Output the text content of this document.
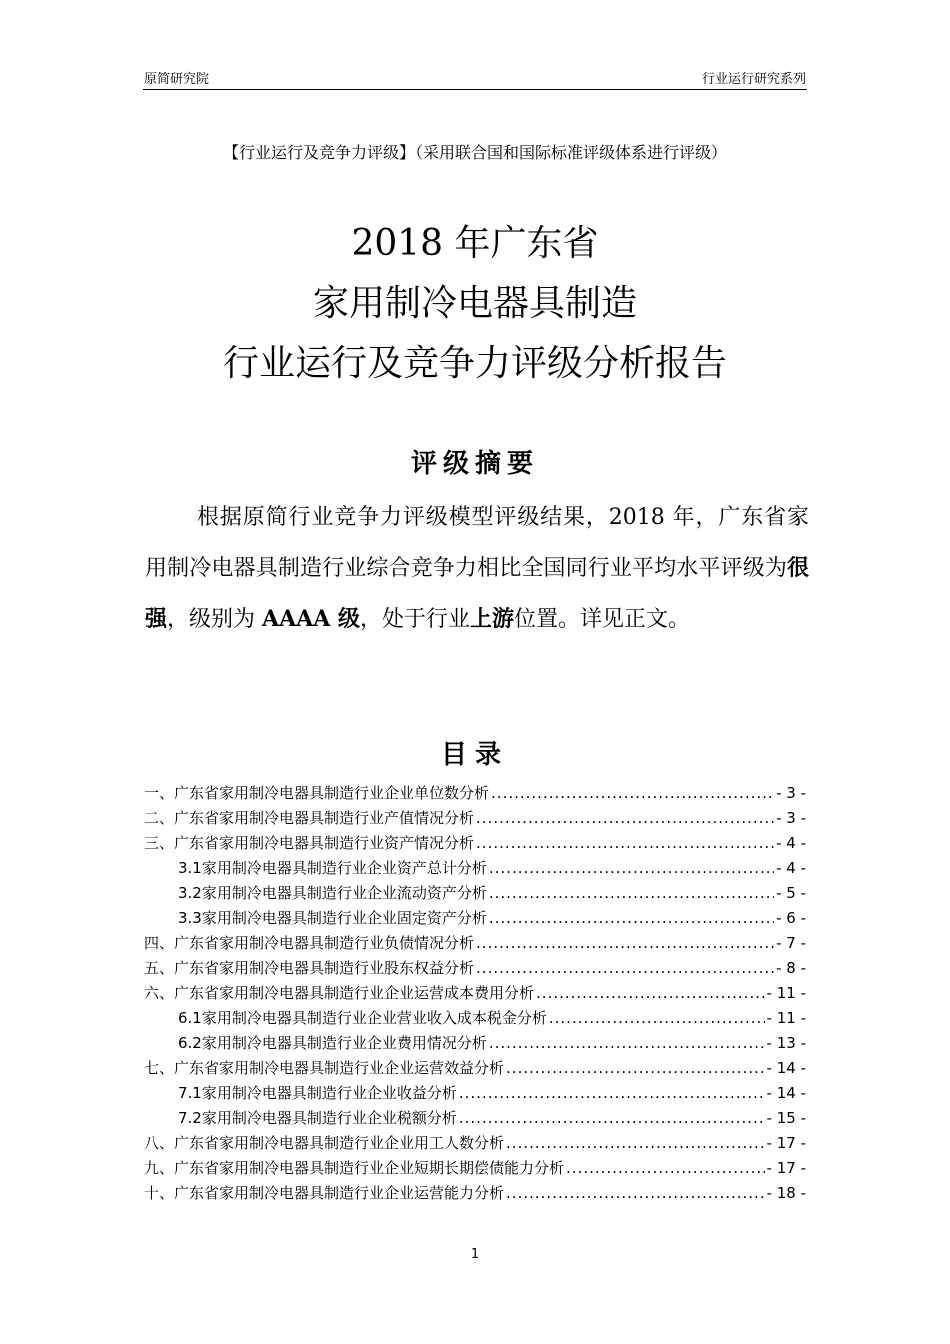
原简研究院	行业运行研究系列
【行业运行及竞争力评级】（采用联合国和国际标准评级体系进行评级）
2018 年广东省
家用制冷电器具制造
行业运行及竞争力评级分析报告
评级摘要
根据原简行业竞争力评级模型评级结果，2018 年，广东省家用制冷电器具制造行业综合竞争力相比全国同行业平均水平评级为很强，级别为 AAAA 级，处于行业上游位置。详见正文。
目录
一、 广东省家用制冷电器具制造行业企业单位数分析 .....	- 3 -
二、 广东省家用制冷电器具制造行业产值情况分析 .....	- 3 -
三、 广东省家用制冷电器具制造行业资产情况分析 .....	- 4 -
3.1 家用制冷电器具制造行业企业资产总计分析 .....	- 4 -
3.2 家用制冷电器具制造行业企业流动资产分析 .....	- 5 -
3.3 家用制冷电器具制造行业企业固定资产分析 .....	- 6 -
四、 广东省家用制冷电器具制造行业负债情况分析 .....	- 7 -
五、 广东省家用制冷电器具制造行业股东权益分析 .....	- 8 -
六、 广东省家用制冷电器具制造行业企业运营成本费用分析 .....	- 11 -
6.1 家用制冷电器具制造行业企业营业收入成本税金分析 .....	- 11 -
6.2 家用制冷电器具制造行业企业费用情况分析 .....	- 13 -
七、 广东省家用制冷电器具制造行业企业运营效益分析 .....	- 14 -
7.1 家用制冷电器具制造行业企业收益分析 .....	- 14 -
7.2 家用制冷电器具制造行业企业税额分析 .....	- 15 -
八、 广东省家用制冷电器具制造行业企业用工人数分析 .....	- 17 -
九、 广东省家用制冷电器具制造行业企业短期长期偿债能力分析 .....	- 17 -
十、 广东省家用制冷电器具制造行业企业运营能力分析 .....	- 18 -
1
